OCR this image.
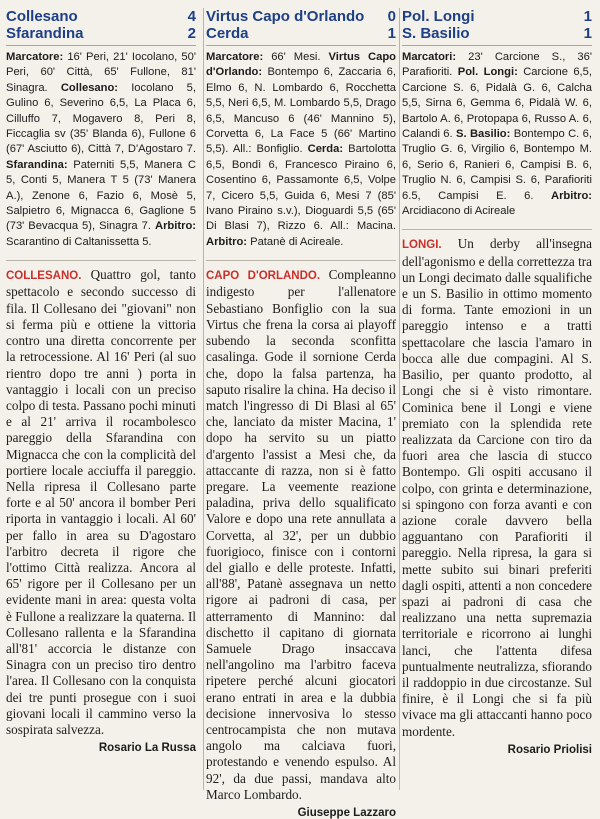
Collesano	4
Sfarandina	2

Marcatore: 16' Peri, 21' Iocolano, 50' Peri, 60' Città, 65' Fullone, 81' Sinagra. Collesano: Iocolano 5, Gulino 6, Severino 6,5, La Placa 6, Cilluffo 7, Mogavero 8, Peri 8, Ficcaglia sv (35' Blanda 6), Fullone 6 (67' Asciutto 6), Città 7, D'Agostaro 7. Sfarandina: Paterniti 5,5, Manera C 5, Conti 5, Manera T 5 (73' Manera A.), Zenone 6, Fazio 6, Mosè 5, Salpietro 6, Mignacca 6, Gaglione 5 (73' Bevacqua 5), Sinagra 7. Arbitro: Scarantino di Caltanissetta 5.

COLLESANO. Quattro gol, tanto spettacolo e secondo successo di fila. Il Collesano dei "giovani" non si ferma più e ottiene la vittoria contro una diretta concorrente per la retrocessione. Al 16' Peri (al suo rientro dopo tre anni ) porta in vantaggio i locali con un preciso colpo di testa. Passano pochi minuti e al 21' arriva il rocambolesco pareggio della Sfarandina con Mignacca che con la complicità del portiere locale acciuffa il pareggio. Nella ripresa il Collesano parte forte e al 50' ancora il bomber Peri riporta in vantaggio i locali. Al 60' per fallo in area su D'agostaro l'arbitro decreta il rigore che l'ottimo Città realizza. Ancora al 65' rigore per il Collesano per un evidente mani in area: questa volta è Fullone a realizzare la quaterna. Il Collesano rallenta e la Sfarandina all'81' accorcia le distanze con Sinagra con un preciso tiro dentro l'area. Il Collesano con la conquista dei tre punti prosegue con i suoi giovani locali il cammino verso la sospirata salvezza.

Rosario La Russa
Virtus Capo d'Orlando 0
Cerda	1

Marcatore: 66' Mesi. Virtus Capo d'Orlando: Bontempo 6, Zaccaria 6, Elmo 6, N. Lombardo 6, Rocchetta 5,5, Neri 6,5, M. Lombardo 5,5, Drago 6,5, Mancuso 6 (46' Mannino 5), Corvetta 6, La Face 5 (66' Martino 5,5). All.: Bonfiglio. Cerda: Bartolotta 6,5, Bondì 6, Francesco Piraino 6, Cosentino 6, Passamonte 6,5, Volpe 7, Cicero 5,5, Guida 6, Mesi 7 (85' Ivano Piraino s.v.), Dioguardi 5,5 (65' Di Blasi 7), Rizzo 6. All.: Macina. Arbitro: Patanè di Acireale.

CAPO D'ORLANDO. Compleanno indigesto per l'allenatore Sebastiano Bonfiglio con la sua Virtus che frena la corsa ai playoff subendo la seconda sconfitta casalinga. Gode il sornione Cerda che, dopo la falsa partenza, ha saputo risalire la china. Ha deciso il match l'ingresso di Di Blasi al 65' che, lanciato da mister Macina, 1' dopo ha servito su un piatto d'argento l'assist a Mesi che, da attaccante di razza, non si è fatto pregare. La veemente reazione paladina, priva dello squalificato Valore e dopo una rete annullata a Corvetta, al 32', per un dubbio fuorigioco, finisce con i contorni del giallo e delle proteste. Infatti, all'88', Patanè assegnava un netto rigore ai padroni di casa, per atterramento di Mannino: dal dischetto il capitano di giornata Samuele Drago insaccava nell'angolino ma l'arbitro faceva ripetere perché alcuni giocatori erano entrati in area e la dubbia decisione innervosiva lo stesso centrocampista che non mutava angolo ma calciava fuori, protestando e venendo espulso. Al 92', da due passi, mandava alto Marco Lombardo.

Giuseppe Lazzaro
Pol. Longi	1
S. Basilio	1

Marcatori: 23' Carcione S., 36' Parafioriti. Pol. Longi: Carcione 6,5, Carcione S. 6, Pidalà G. 6, Calcha 5,5, Sirna 6, Gemma 6, Pidalà W. 6, Bartolo A. 6, Protopapa 6, Russo A. 6, Calandi 6. S. Basilio: Bontempo C. 6, Truglio G. 6, Virgilio 6, Bontempo M. 6, Serio 6, Ranieri 6, Campisi B. 6, Truglio N. 6, Campisi S. 6, Parafioriti 6.5, Campisi E. 6. Arbitro: Arcidiacono di Acireale

LONGI. Un derby all'insegna dell'agonismo e della correttezza tra un Longi decimato dalle squalifiche e un S. Basilio in ottimo momento di forma. Tante emozioni in un pareggio intenso e a tratti spettacolare che lascia l'amaro in bocca alle due compagini. Al S. Basilio, per quanto prodotto, al Longi che si è visto rimontare. Cominica bene il Longi e viene premiato con la splendida rete realizzata da Carcione con tiro da fuori area che lascia di stucco Bontempo. Gli ospiti accusano il colpo, con grinta e determinazione, si spingono con forza avanti e con azione corale davvero bella agguantano con Parafioriti il pareggio. Nella ripresa, la gara si mette subito sui binari preferiti dagli ospiti, attenti a non concedere spazi ai padroni di casa che realizzano una netta supremazia territoriale e ricorrono ai lunghi lanci, che l'attenta difesa puntualmente neutralizza, sfiorando il raddoppio in due circostanze. Sul finire, è il Longi che si fa più vivace ma gli attaccanti hanno poco mordente.

Rosario Priolisi
